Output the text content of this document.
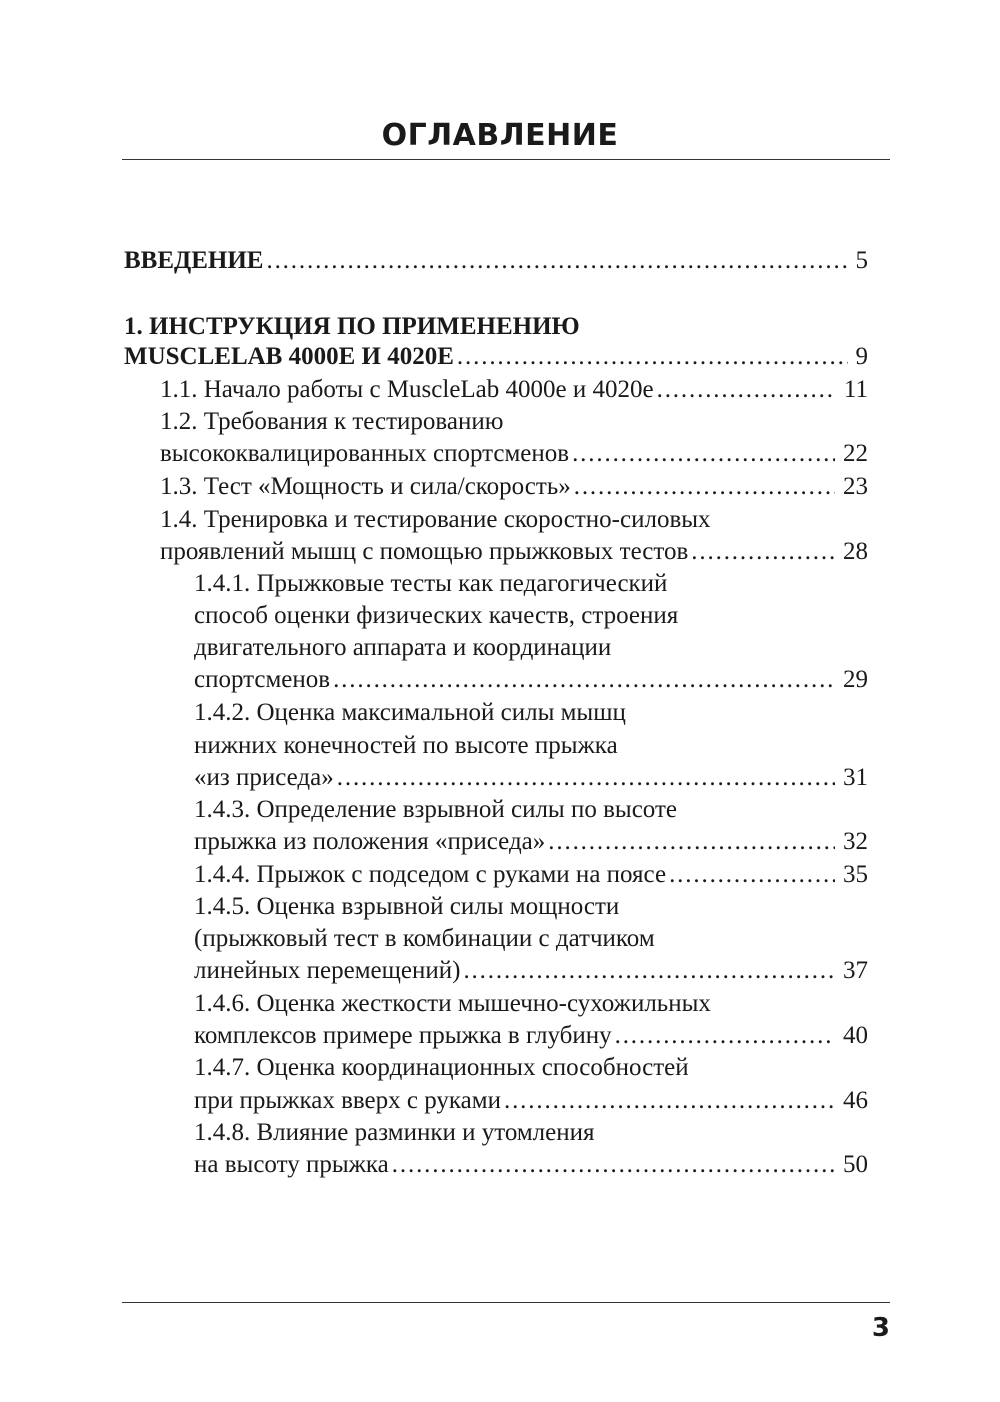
ОГЛАВЛЕНИЕ
ВВЕДЕНИЕ . . .	5
1. ИНСТРУКЦИЯ ПО ПРИМЕНЕНИЮ
MUSCLELAB 4000E И 4020E . . .	9
1.1. Начало работы с MuscleLab 4000e и 4020e . . .	11
1.2. Требования к тестированию
высококвалицированных спортсменов . . .	22
1.3. Тест «Мощность и сила/скорость» . . .	23
1.4. Тренировка и тестирование скоростно-силовых
проявлений мышц с помощью прыжковых тестов . . .	28
1.4.1. Прыжковые тесты как педагогический
способ оценки физических качеств, строения
двигательного аппарата и координации
спортсменов . . .	29
1.4.2. Оценка максимальной силы мышц
нижних конечностей по высоте прыжка
«из приседа» . . .	31
1.4.3. Определение взрывной силы по высоте
прыжка из положения «приседа» . . .	32
1.4.4. Прыжок с подседом с руками на поясе . . .	35
1.4.5. Оценка взрывной силы мощности
(прыжковый тест в комбинации с датчиком
линейных перемещений) . . .	37
1.4.6. Оценка жесткости мышечно-сухожильных
комплексов примере прыжка в глубину . . .	40
1.4.7. Оценка координационных способностей
при прыжках вверх с руками . . .	46
1.4.8. Влияние разминки и утомления
на высоту прыжка . . .	50
3
